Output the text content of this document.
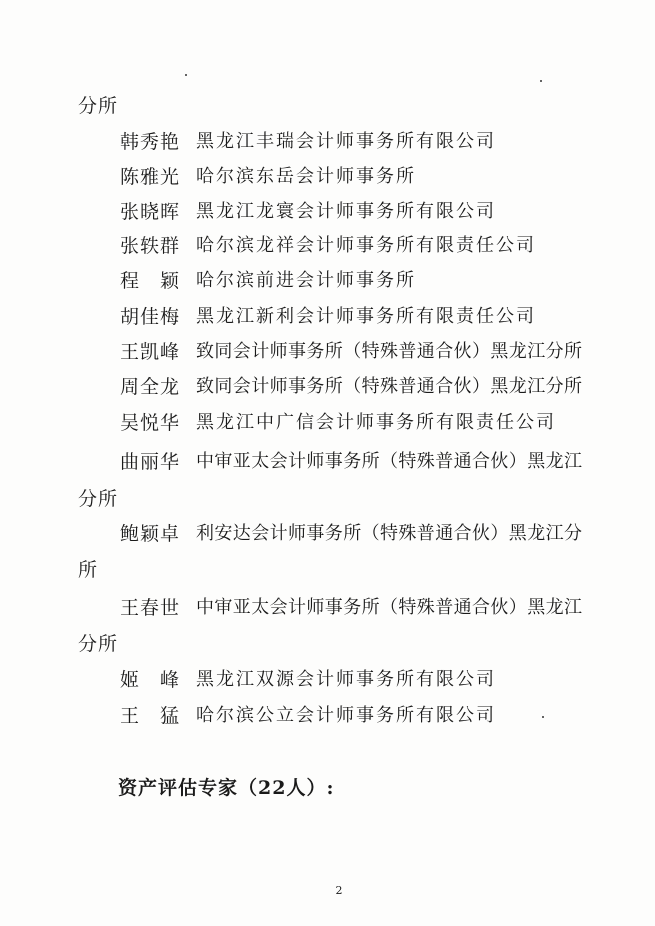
分所
韩秀艳 黑龙江丰瑞会计师事务所有限公司
陈雅光 哈尔滨东岳会计师事务所
张晓晖 黑龙江龙寰会计师事务所有限公司
张轶群 哈尔滨龙祥会计师事务所有限责任公司
程　颖 哈尔滨前进会计师事务所
胡佳梅 黑龙江新利会计师事务所有限责任公司
王凯峰 致同会计师事务所（特殊普通合伙）黑龙江分所
周全龙 致同会计师事务所（特殊普通合伙）黑龙江分所
吴悦华 黑龙江中广信会计师事务所有限责任公司
曲丽华 中审亚太会计师事务所（特殊普通合伙）黑龙江
分所
鲍颖卓 利安达会计师事务所（特殊普通合伙）黑龙江分
所
王春世 中审亚太会计师事务所（特殊普通合伙）黑龙江
分所
姬　峰 黑龙江双源会计师事务所有限公司
王　猛 哈尔滨公立会计师事务所有限公司
资产评估专家（22人）:
2
